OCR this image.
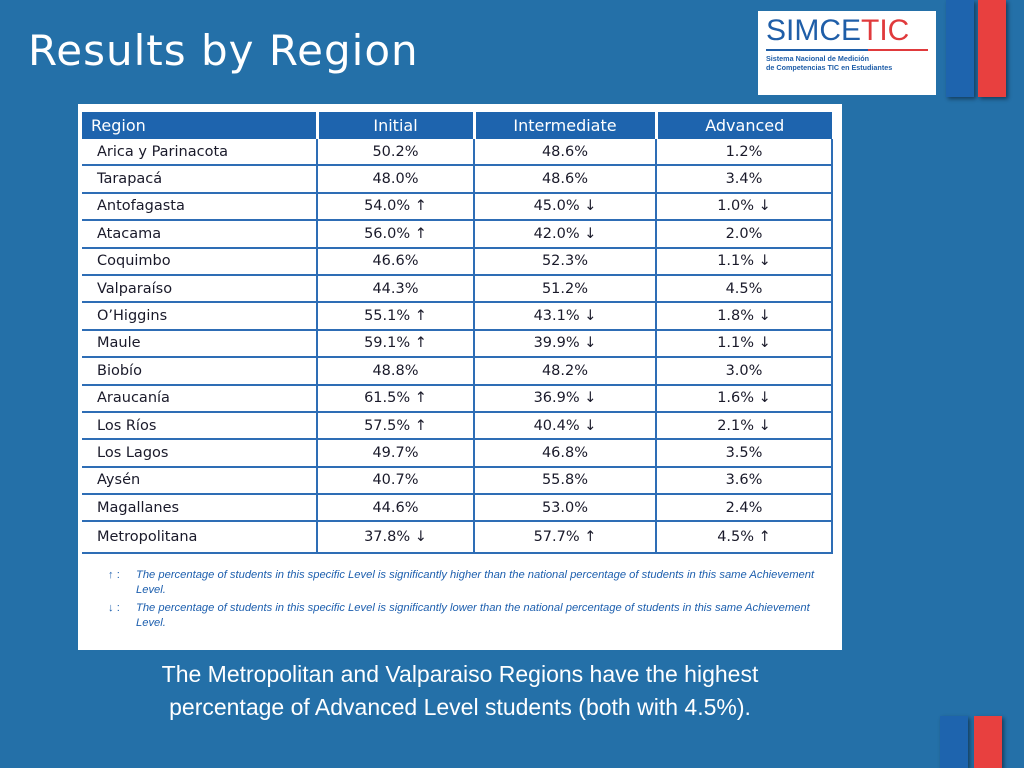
Results by Region	SIMCETIC
Sistema Nacional de Medición
de Competencias TIC en Estudiantes
Region	Initial	Intermediate	Advanced
Arica y Parinacota	50.2%	48.6%	1.2%
Tarapacá	48.0%	48.6%	3.4%
Antofagasta	54.0% ↑	45.0% ↓	1.0% ↓
Atacama	56.0% ↑	42.0% ↓	2.0%
Coquimbo	46.6%	52.3%	1.1% ↓
Valparaíso	44.3%	51.2%	4.5%
O’Higgins	55.1% ↑	43.1% ↓	1.8% ↓
Maule	59.1% ↑	39.9% ↓	1.1% ↓
Biobío	48.8%	48.2%	3.0%
Araucanía	61.5% ↑	36.9% ↓	1.6% ↓
Los Ríos	57.5% ↑	40.4% ↓	2.1% ↓
Los Lagos	49.7%	46.8%	3.5%
Aysén	40.7%	55.8%	3.6%
Magallanes	44.6%	53.0%	2.4%
Metropolitana	37.8% ↓	57.7% ↑	4.5% ↑
↑ :	The percentage of students in this specific Level is significantly higher than the national percentage of students in this same Achievement Level.
↓ :	The percentage of students in this specific Level is significantly lower than the national percentage of students in this same Achievement Level.
The Metropolitan and Valparaiso Regions have the highest
percentage of Advanced Level students (both with 4.5%).
